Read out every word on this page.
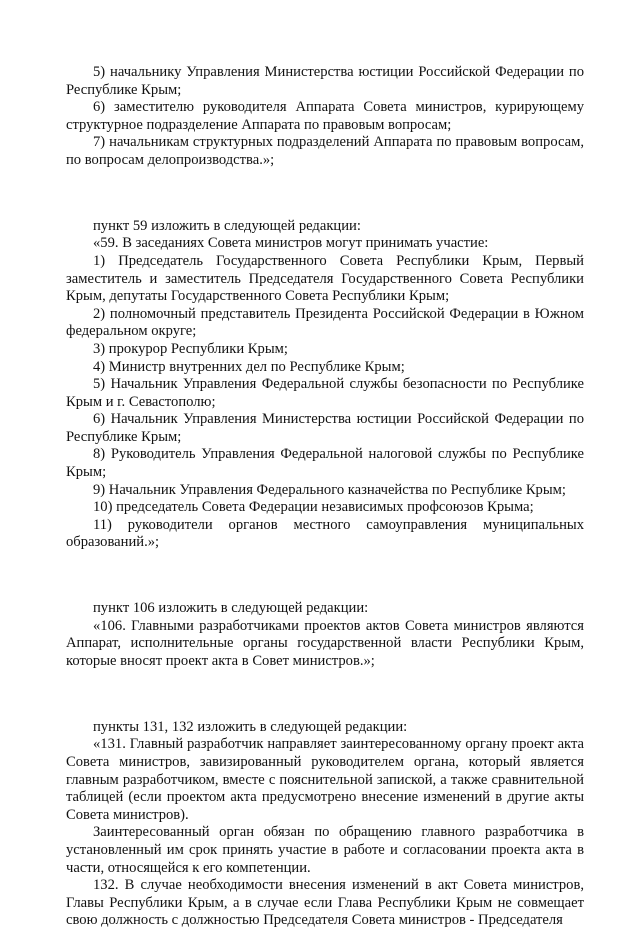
5) начальнику Управления Министерства юстиции Российской Федерации по Республике Крым;

6) заместителю руководителя Аппарата Совета министров, курирующему структурное подразделение Аппарата по правовым вопросам;

7) начальникам структурных подразделений Аппарата по правовым вопросам, по вопросам делопроизводства.»;

пункт 59 изложить в следующей редакции:

«59. В заседаниях Совета министров могут принимать участие:

1) Председатель Государственного Совета Республики Крым, Первый заместитель и заместитель Председателя Государственного Совета Республики Крым, депутаты Государственного Совета Республики Крым;

2) полномочный представитель Президента Российской Федерации в Южном федеральном округе;

3) прокурор Республики Крым;

4) Министр внутренних дел по Республике Крым;

5) Начальник Управления Федеральной службы безопасности по Республике Крым и г. Севастополю;

6) Начальник Управления Министерства юстиции Российской Федерации по Республике Крым;

8) Руководитель Управления Федеральной налоговой службы по Республике Крым;

9) Начальник Управления Федерального казначейства по Республике Крым;

10) председатель Совета Федерации независимых профсоюзов Крыма;

11) руководители органов местного самоуправления муниципальных образований.»;

пункт 106 изложить в следующей редакции:

«106. Главными разработчиками проектов актов Совета министров являются Аппарат, исполнительные органы государственной власти Республики Крым, которые вносят проект акта в Совет министров.»;

пункты 131, 132 изложить в следующей редакции:

«131. Главный разработчик направляет заинтересованному органу проект акта Совета министров, завизированный руководителем органа, который является главным разработчиком, вместе с пояснительной запиской, а также сравнительной таблицей (если проектом акта предусмотрено внесение изменений в другие акты Совета министров).

Заинтересованный орган обязан по обращению главного разработчика в установленный им срок принять участие в работе и согласовании проекта акта в части, относящейся к его компетенции.

132. В случае необходимости внесения изменений в акт Совета министров, Главы Республики Крым, а в случае если Глава Республики Крым не совмещает свою должность с должностью Председателя Совета министров - Председателя
